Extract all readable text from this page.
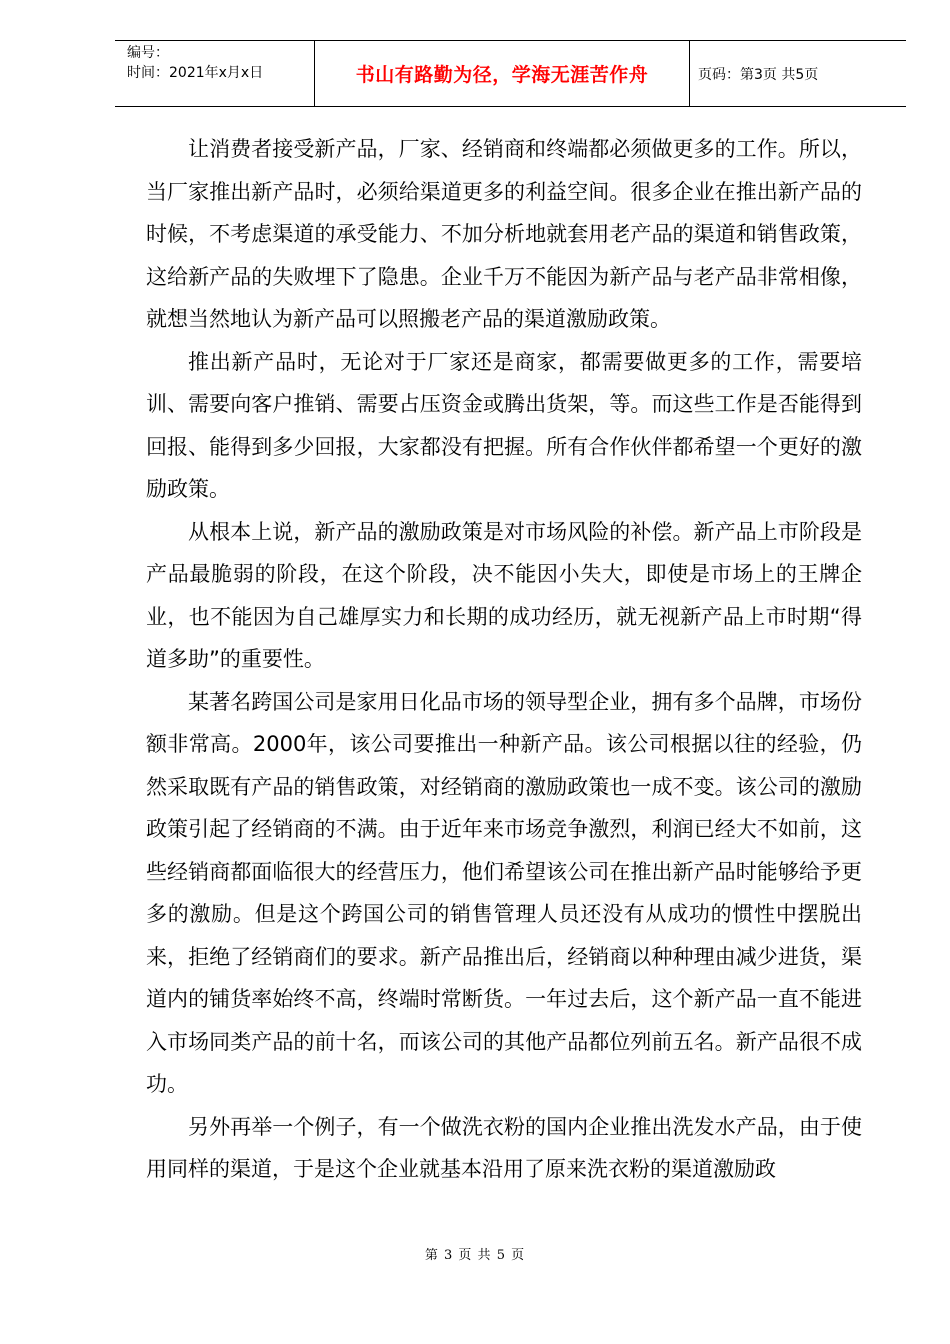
编号：
时间：2021年x月x日	书山有路勤为径，学海无涯苦作舟	页码：第3页 共5页

让消费者接受新产品，厂家、经销商和终端都必须做更多的工作。所以，当厂家推出新产品时，必须给渠道更多的利益空间。很多企业在推出新产品的时候，不考虑渠道的承受能力、不加分析地就套用老产品的渠道和销售政策，这给新产品的失败埋下了隐患。企业千万不能因为新产品与老产品非常相像，就想当然地认为新产品可以照搬老产品的渠道激励政策。

推出新产品时，无论对于厂家还是商家，都需要做更多的工作，需要培训、需要向客户推销、需要占压资金或腾出货架，等。而这些工作是否能得到回报、能得到多少回报，大家都没有把握。所有合作伙伴都希望一个更好的激励政策。

从根本上说，新产品的激励政策是对市场风险的补偿。新产品上市阶段是产品最脆弱的阶段，在这个阶段，决不能因小失大，即使是市场上的王牌企业，也不能因为自己雄厚实力和长期的成功经历，就无视新产品上市时期“得道多助”的重要性。

某著名跨国公司是家用日化品市场的领导型企业，拥有多个品牌，市场份额非常高。2000年，该公司要推出一种新产品。该公司根据以往的经验，仍然采取既有产品的销售政策，对经销商的激励政策也一成不变。该公司的激励政策引起了经销商的不满。由于近年来市场竞争激烈，利润已经大不如前，这些经销商都面临很大的经营压力，他们希望该公司在推出新产品时能够给予更多的激励。但是这个跨国公司的销售管理人员还没有从成功的惯性中摆脱出来，拒绝了经销商们的要求。新产品推出后，经销商以种种理由减少进货，渠道内的铺货率始终不高，终端时常断货。一年过去后，这个新产品一直不能进入市场同类产品的前十名，而该公司的其他产品都位列前五名。新产品很不成功。

另外再举一个例子，有一个做洗衣粉的国内企业推出洗发水产品，由于使用同样的渠道，于是这个企业就基本沿用了原来洗衣粉的渠道激励政

第 3 页 共 5 页
